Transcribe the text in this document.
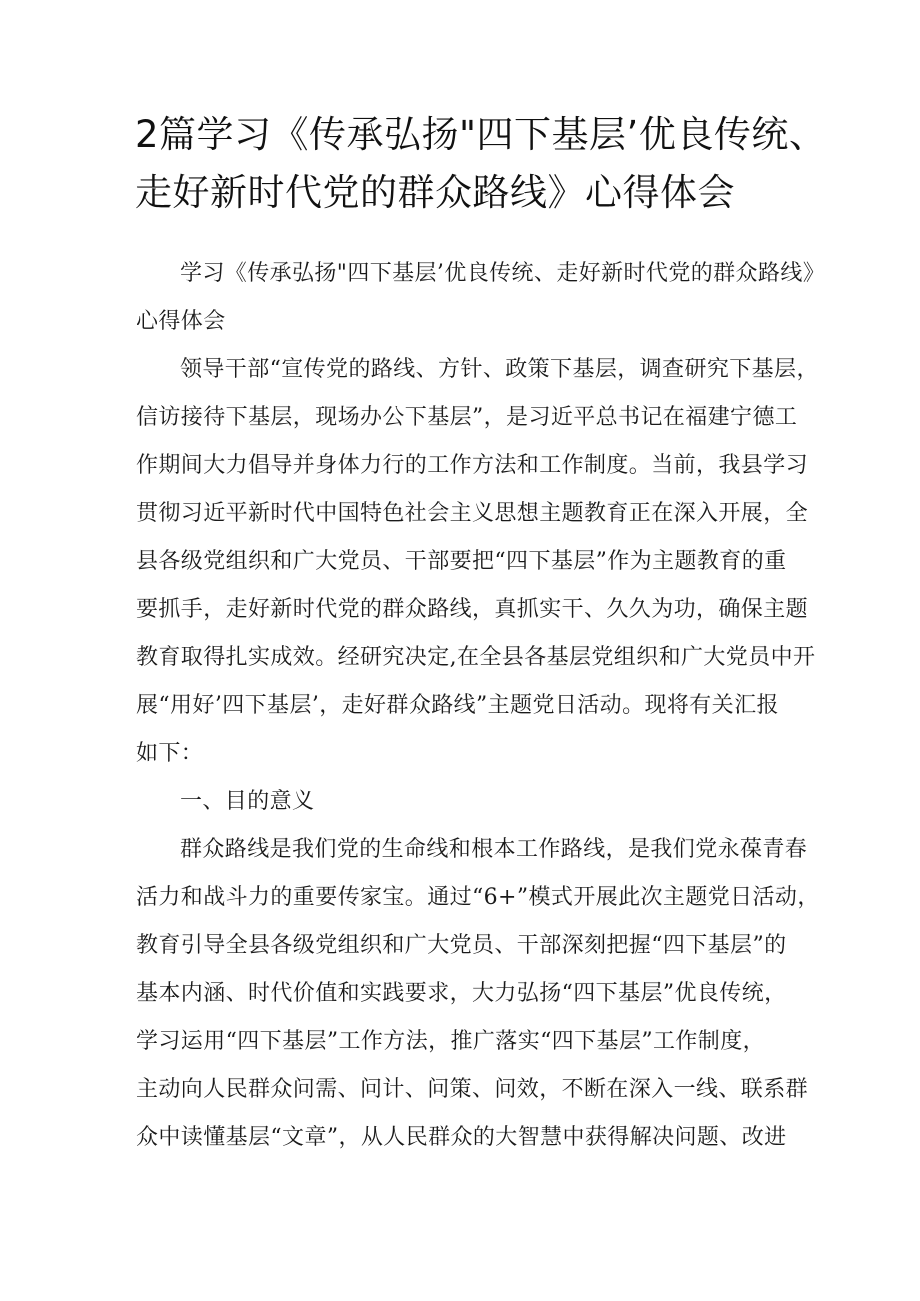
2篇学习《传承弘扬"四下基层’优良传统、
走好新时代党的群众路线》心得体会
学习《传承弘扬"四下基层’优良传统、走好新时代党的群众路线》
心得体会
领导干部“宣传党的路线、方针、政策下基层，调查研究下基层，
信访接待下基层，现场办公下基层”，是习近平总书记在福建宁德工
作期间大力倡导并身体力行的工作方法和工作制度。当前，我县学习
贯彻习近平新时代中国特色社会主义思想主题教育正在深入开展，全
县各级党组织和广大党员、干部要把“四下基层”作为主题教育的重
要抓手，走好新时代党的群众路线，真抓实干、久久为功，确保主题
教育取得扎实成效。经研究决定,在全县各基层党组织和广大党员中开
展“用好’四下基层’，走好群众路线”主题党日活动。现将有关汇报
如下：
一、目的意义
群众路线是我们党的生命线和根本工作路线，是我们党永葆青春
活力和战斗力的重要传家宝。通过“6+”模式开展此次主题党日活动，
教育引导全县各级党组织和广大党员、干部深刻把握“四下基层”的
基本内涵、时代价值和实践要求，大力弘扬“四下基层”优良传统，
学习运用“四下基层”工作方法，推广落实“四下基层”工作制度，
主动向人民群众问需、问计、问策、问效，不断在深入一线、联系群
众中读懂基层“文章”，从人民群众的大智慧中获得解决问题、改进
